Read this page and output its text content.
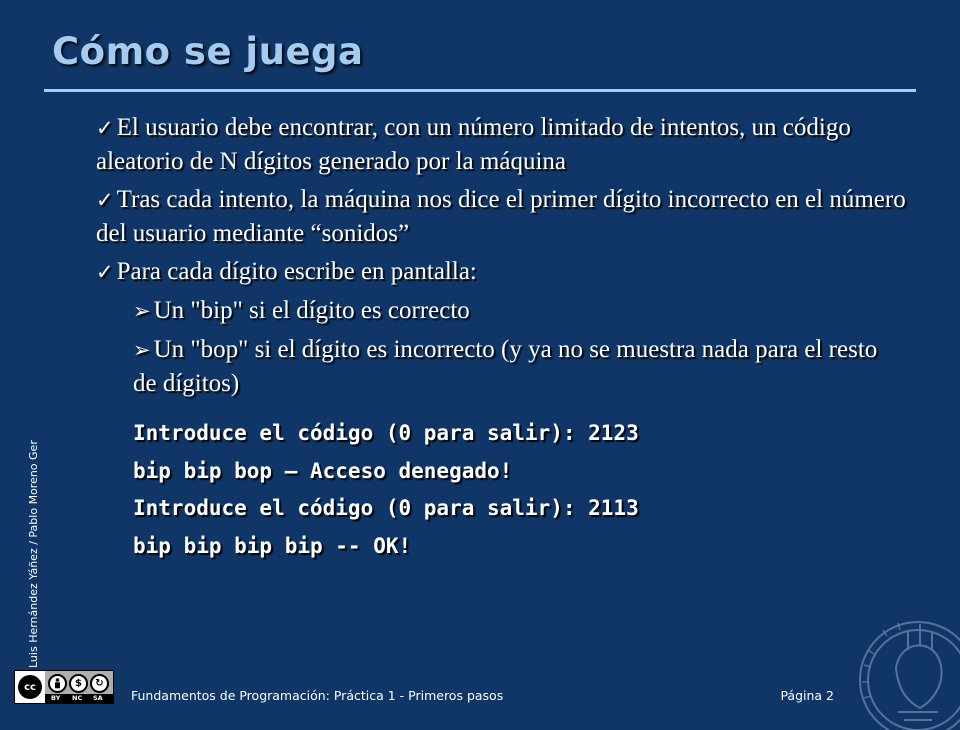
Cómo se juega
✓ El usuario debe encontrar, con un número limitado de intentos, un código aleatorio de N dígitos generado por la máquina
✓ Tras cada intento, la máquina nos dice el primer dígito incorrecto en el número del usuario mediante “sonidos”
✓ Para cada dígito escribe en pantalla:
➢ Un "bip" si el dígito es correcto
➢ Un "bop" si el dígito es incorrecto (y ya no se muestra nada para el resto de dígitos)
Introduce el código (0 para salir): 2123
bip bip bop – Acceso denegado!
Introduce el código (0 para salir): 2113
bip bip bip bip -- OK!
Luis Hernández Yáñez / Pablo Moreno Ger
cc	$	↻
BY NC SA Fundamentos de Programación: Práctica 1 - Primeros pasos	Página 2
